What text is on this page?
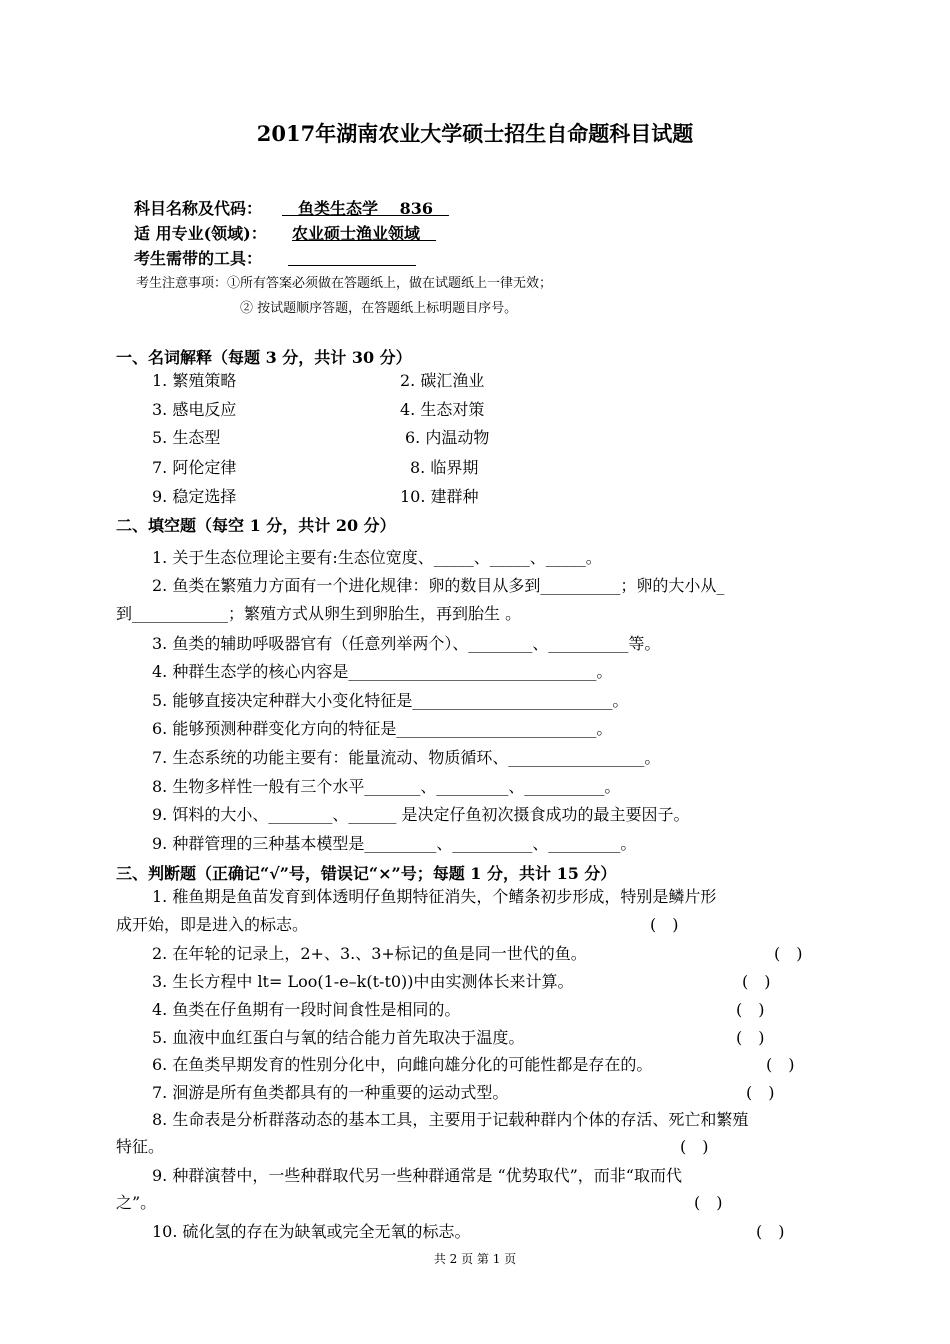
2017年湖南农业大学硕士招生自命题科目试题
科目名称及代码： 　鱼类生态学　 836　
适 用专业(领域)： 农业硕士渔业领域　
考生需带的工具：

考生注意事项：①所有答案必须做在答题纸上，做在试题纸上一律无效；
② 按试题顺序答题，在答题纸上标明题目序号。
一、名词解释（每题 3 分，共计 30 分）
1. 繁殖策略	2. 碳汇渔业
3. 感电反应	4. 生态对策
5. 生态型	6. 内温动物
7. 阿伦定律	8. 临界期
9. 稳定选择	10. 建群种
二、填空题（每空 1 分，共计 20 分）
1. 关于生态位理论主要有:生态位宽度、_____、_____、_____。
2. 鱼类在繁殖力方面有一个进化规律：卵的数目从多到__________；卵的大小从_
到____________；繁殖方式从卵生到卵胎生，再到胎生 。
3. 鱼类的辅助呼吸器官有（任意列举两个）、________、__________等。
4. 种群生态学的核心内容是_______________________________。
5. 能够直接决定种群大小变化特征是_________________________。
6. 能够预测种群变化方向的特征是_________________________。
7. 生态系统的功能主要有：能量流动、物质循环、_________________。
8. 生物多样性一般有三个水平_______、_________、__________。
9. 饵料的大小、________、______ 是决定仔鱼初次摄食成功的最主要因子。
9. 种群管理的三种基本模型是_________、__________、_________。
三、判断题（正确记“√”号，错误记“×”号；每题 1 分，共计 15 分）
1. 稚鱼期是鱼苗发育到体透明仔鱼期特征消失，个鳍条初步形成，特别是鳞片形
成开始，即是进入的标志。	(　)
2. 在年轮的记录上，2+、3.、3+标记的鱼是同一世代的鱼。	(　)
3. 生长方程中 lt= Loo(1-e–k(t-t0))中由实测体长来计算。	(　)
4. 鱼类在仔鱼期有一段时间食性是相同的。	(　)
5. 血液中血红蛋白与氧的结合能力首先取决于温度。	(　)
6. 在鱼类早期发育的性别分化中，向雌向雄分化的可能性都是存在的。	(　)
7. 洄游是所有鱼类都具有的一种重要的运动式型。	(　)
8. 生命表是分析群落动态的基本工具，主要用于记载种群内个体的存活、死亡和繁殖
特征。	(　)
9. 种群演替中，一些种群取代另一些种群通常是 “优势取代”，而非“取而代
之”。	(　)
10. 硫化氢的存在为缺氧或完全无氧的标志。	(　)
共 2 页 第 1 页
